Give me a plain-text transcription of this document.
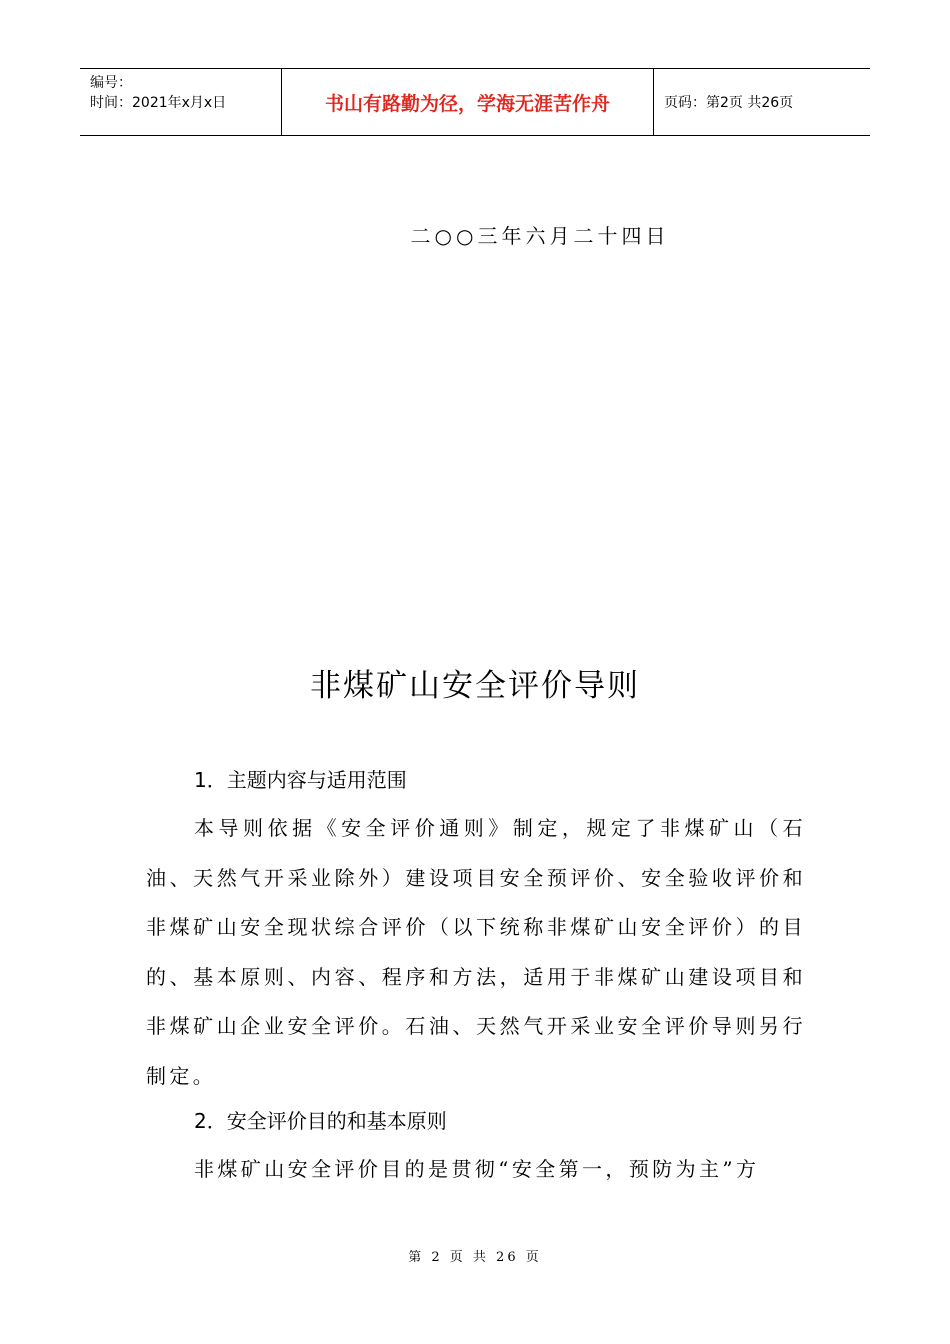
编号：
时间：2021年x月x日	书山有路勤为径，学海无涯苦作舟	页码：第2页 共26页
二○○三年六月二十四日
非煤矿山安全评价导则
1．主题内容与适用范围

本导则依据《安全评价通则》制定，规定了非煤矿山（石油、天然气开采业除外）建设项目安全预评价、安全验收评价和非煤矿山安全现状综合评价（以下统称非煤矿山安全评价）的目的、基本原则、内容、程序和方法，适用于非煤矿山建设项目和非煤矿山企业安全评价。石油、天然气开采业安全评价导则另行制定。

2．安全评价目的和基本原则

非煤矿山安全评价目的是贯彻“安全第一，预防为主”方

第 2 页 共 26 页
